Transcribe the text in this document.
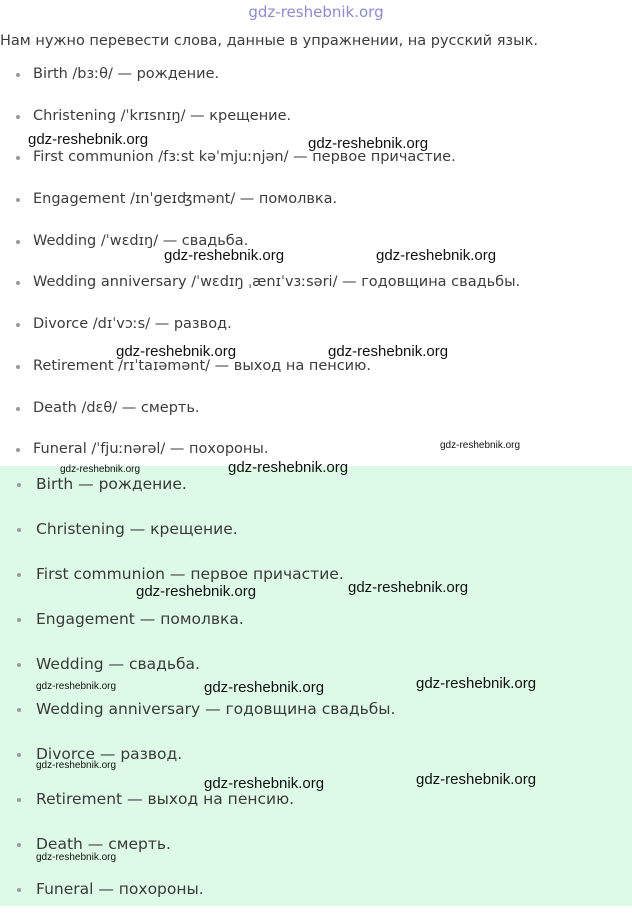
gdz-reshebnik.org
Нам нужно перевести слова, данные в упражнении, на русский язык.
Birth /bɜːθ/ — рождение.
Christening /ˈkrɪsnɪŋ/ — крещение.
First communion /fɜːst kəˈmjuːnjən/ — первое причастие.
Engagement /ɪnˈɡeɪʤmənt/ — помолвка.
Wedding /ˈwɛdɪŋ/ — свадьба.
Wedding anniversary /ˈwɛdɪŋ ˌænɪˈvɜːsəri/ — годовщина свадьбы.
Divorce /dɪˈvɔːs/ — развод.
Retirement /rɪˈtaɪəmənt/ — выход на пенсию.
Death /dɛθ/ — смерть.
Funeral /ˈfjuːnərəl/ — похороны.
Birth — рождение.
Christening — крещение.
First communion — первое причастие.
Engagement — помолвка.
Wedding — свадьба.
Wedding anniversary — годовщина свадьбы.
Divorce — развод.
Retirement — выход на пенсию.
Death — смерть.
Funeral — похороны.
gdz-reshebnik.org	gdz-reshebnik.org
gdz-reshebnik.org	gdz-reshebnik.org
gdz-reshebnik.org	gdz-reshebnik.org
gdz-reshebnik.org
gdz-reshebnik.org	gdz-reshebnik.org
gdz-reshebnik.org	gdz-reshebnik.org
gdz-reshebnik.org	gdz-reshebnik.org	gdz-reshebnik.org
gdz-reshebnik.org
gdz-reshebnik.org	gdz-reshebnik.org
gdz-reshebnik.org
